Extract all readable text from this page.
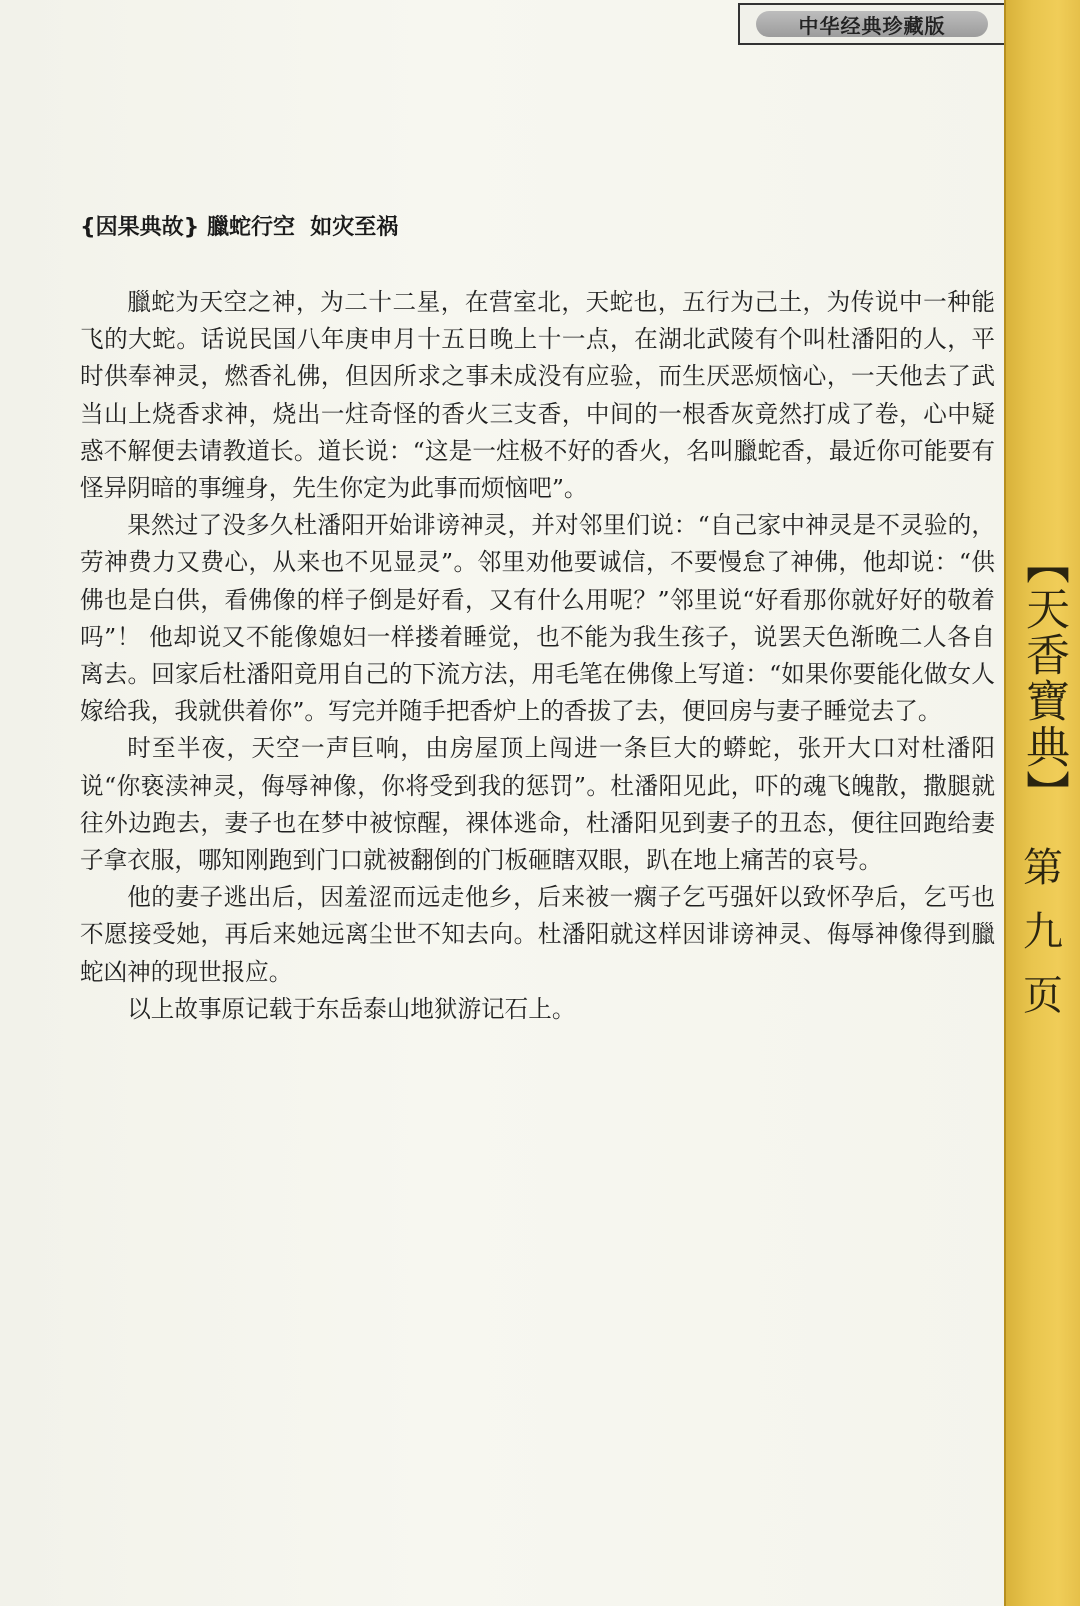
中华经典珍藏版
{因果典故} 臘蛇行空  如灾至祸

臘蛇为天空之神，为二十二星，在营室北，天蛇也，五行为己土，为传说中一种能飞的大蛇。话说民国八年庚申月十五日晚上十一点，在湖北武陵有个叫杜潘阳的人，平时供奉神灵，燃香礼佛，但因所求之事未成没有应验，而生厌恶烦恼心，一天他去了武当山上烧香求神，烧出一炷奇怪的香火三支香，中间的一根香灰竟然打成了卷，心中疑惑不解便去请教道长。道长说：“这是一炷极不好的香火，名叫臘蛇香，最近你可能要有怪异阴暗的事缠身，先生你定为此事而烦恼吧”。

果然过了没多久杜潘阳开始诽谤神灵，并对邻里们说：“自己家中神灵是不灵验的，劳神费力又费心，从来也不见显灵”。邻里劝他要诚信，不要慢怠了神佛，他却说：“供佛也是白供，看佛像的样子倒是好看，又有什么用呢？”邻里说“好看那你就好好的敬着吗”！ 他却说又不能像媳妇一样搂着睡觉，也不能为我生孩子，说罢天色渐晚二人各自离去。回家后杜潘阳竟用自己的下流方法，用毛笔在佛像上写道：“如果你要能化做女人嫁给我，我就供着你”。写完并随手把香炉上的香拔了去，便回房与妻子睡觉去了。

时至半夜，天空一声巨响，由房屋顶上闯进一条巨大的蟒蛇，张开大口对杜潘阳说“你亵渎神灵，侮辱神像，你将受到我的惩罚”。杜潘阳见此，吓的魂飞魄散，撒腿就往外边跑去，妻子也在梦中被惊醒，裸体逃命，杜潘阳见到妻子的丑态，便往回跑给妻子拿衣服，哪知刚跑到门口就被翻倒的门板砸瞎双眼，趴在地上痛苦的哀号。

他的妻子逃出后，因羞涩而远走他乡，后来被一瘸子乞丐强奸以致怀孕后，乞丐也不愿接受她，再后来她远离尘世不知去向。杜潘阳就这样因诽谤神灵、侮辱神像得到臘蛇凶神的现世报应。

以上故事原记载于东岳泰山地狱游记石上。

【天香寶典】
第
九
页
